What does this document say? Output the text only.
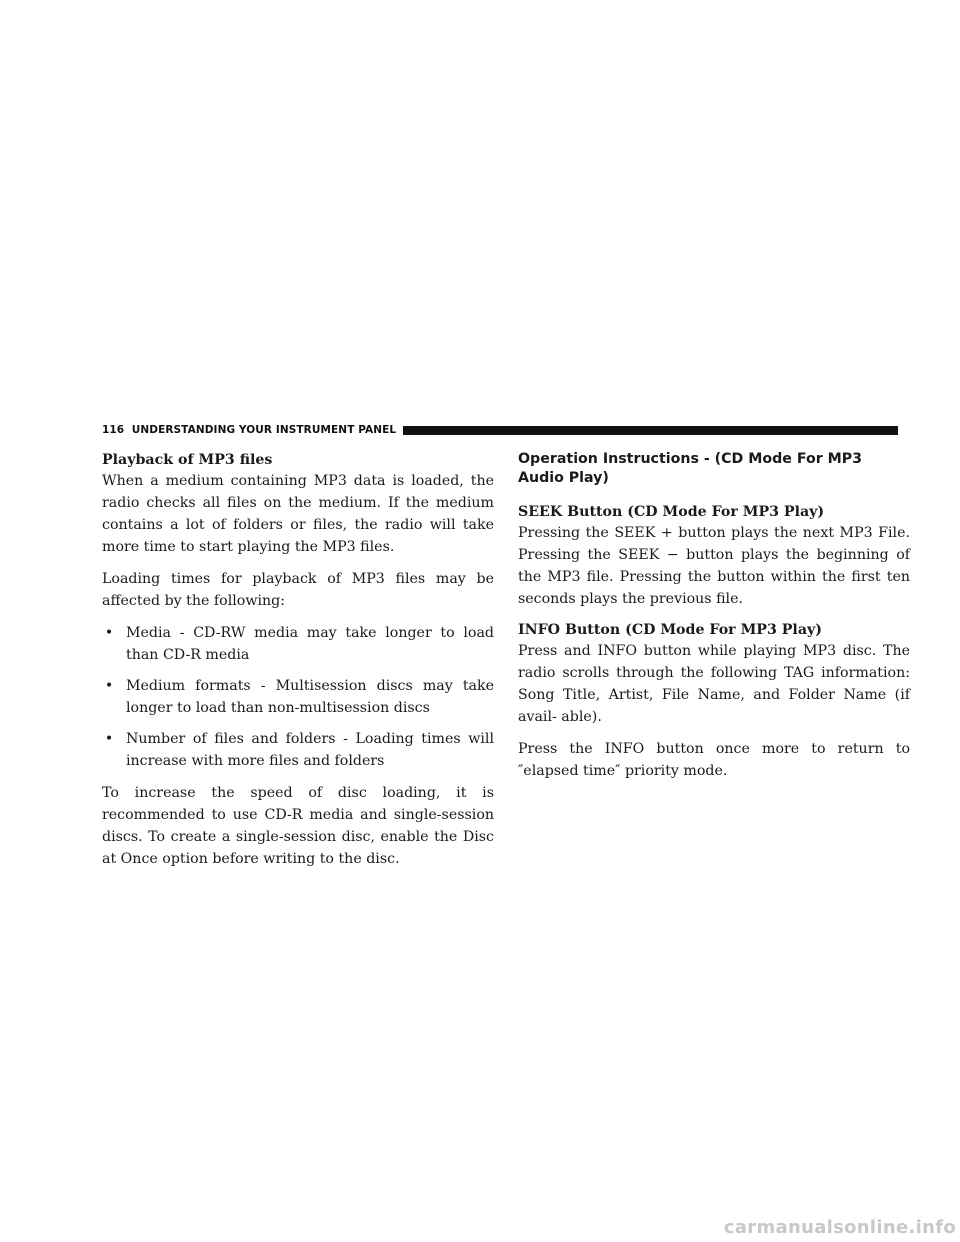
116 UNDERSTANDING YOUR INSTRUMENT PANEL
Playback of MP3 files

When a medium containing MP3 data is loaded, the radio checks all files on the medium. If the medium contains a lot of folders or files, the radio will take more time to start playing the MP3 files.

Loading times for playback of MP3 files may be affected by the following:

• Media - CD-RW media may take longer to load than CD-R media
• Medium formats - Multisession discs may take longer to load than non-multisession discs
• Number of files and folders - Loading times will increase with more files and folders

To increase the speed of disc loading, it is recommended to use CD-R media and single-session discs. To create a single-session disc, enable the Disc at Once option before writing to the disc.

Operation Instructions - (CD Mode For MP3 Audio Play)
SEEK Button (CD Mode For MP3 Play)

Pressing the SEEK + button plays the next MP3 File. Pressing the SEEK − button plays the beginning of the MP3 file. Pressing the button within the first ten seconds plays the previous file.

INFO Button (CD Mode For MP3 Play)

Press and INFO button while playing MP3 disc. The radio scrolls through the following TAG information: Song Title, Artist, File Name, and Folder Name (if avail- able).

Press the INFO button once more to return to ″elapsed time″ priority mode.

carmanualsonline.info
